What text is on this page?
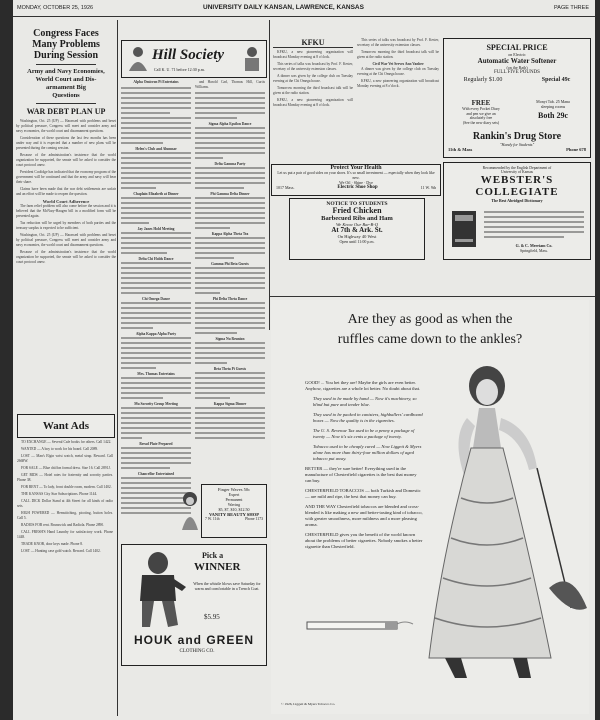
MONDAY, OCTOBER 25, 1926	UNIVERSITY DAILY KANSAN, LAWRENCE, KANSAS	PAGE THREE
Congress Faces
Many Problems
During Session
Army and Navy Economies,
World Court and Dis-
armament Big
Questions
WAR DEBT PLAN UP

Washington, Oct. 25 (UP) — Harassed with problems and beset by political pressure, Congress will meet and consider army and navy economies, the world court and disarmament questions.

Consideration of these questions the last few months has been under way and it is expected that a number of new plans will be presented during the coming session.

Because of the administration's insistence that the world organization be supported, the senate will be asked to consider the court protocol anew.

President Coolidge has indicated that the economy program of the government will be continued and that the army and navy will bear their share.

Claims have been made that the war debt settlements are unfair and an effort will be made to reopen the question.

World Court Adherence

The farm relief problem will also come before the session and it is believed that the McNary-Haugen bill in a modified form will be presented again.

Tax reduction will be urged by members of both parties and the treasury surplus is expected to be sufficient.

Washington, Oct. 25 (UP) — Harassed with problems and beset by political pressure, Congress will meet and consider army and navy economies, the world court and disarmament questions.

Because of the administration's insistence that the world organization be supported, the senate will be asked to consider the court protocol anew.

Want Ads

TO EXCHANGE — Several Cafe books for others. Call 1422.

WANTED — A boy to work for his board. Call 2089.

LOST — Man's Elgin wrist watch, metal strap. Reward. Call 2668W.

FOR SALE — Blue chiffon formal dress. Size 16. Call 2891J.

GET BIDS — Hotel rates for fraternity and sorority parties. Phone 38.

FOR RENT — To lady, front double room, modern. Call 1402.

THE KANSAS City Star Subscriptions. Phone 1144.

CALL DICK Dollar Stand at 4th Street for all kinds of radio sets.

HIGH POWERED — Hemstitching, picoting, button holes. Call 5.

RADIOS FOR rent. Brunswick and Radiola. Phone 2890.

CALL FRESH'S Hand Laundry for satisfactory work. Phone 1448.

TRADE KNOB, door keys made. Phone 8.

LOST — Hunting case gold watch. Reward. Call 1402.

Hill Society
Call K. U. 71 before 12:30 p.m.
Alpha Omicron Pi Entertains
Helen's Club and Alumnae
Chaplain Elizabeth at Dinner
Jay Janes Hold Meeting
Delta Chi Holds Dance
Chi Omega Dance
Alpha Kappa Alpha Party
Mrs. Thomas Entertains
Mu Sorority Group Meeting
Bread Plate Prepared
Chancellor Entertained

and Harold Carl, Thomas Hill, Curtis Williams.

Sigma Alpha Epsilon Dance
Delta Gamma Party
Phi Gamma Delta Dinner
Kappa Alpha Theta Tea
Gamma Phi Beta Guests
Phi Delta Theta Dance
Sigma Nu Reunion
Beta Theta Pi Guests
Kappa Sigma Dinner
Finger Waves 50c
Expert
Permanent
Waving
$5, $7, $10, $12.50
VANITY BEAUTY SHOP
7 W. 11th	Phone 1173
Pick a
WINNER
When the whistle blows save Saturday for warm and comfortable in a Trench Coat.
$5.95
HOUK and GREEN
CLOTHING CO.
KFKU

KFKU, a new pioneering organization will broadcast Monday evening at 8 o'clock.

This series of talks was broadcast by Prof. F. Kester, secretary of the university extension classes.

A dinner was given by the college club on Tuesday evening at the Chi Omega house.

Tomorrow morning the third broadcast talk will be given at the radio station.

KFKU, a new pioneering organization will broadcast Monday evening at 8 o'clock.

This series of talks was broadcast by Prof. F. Kester, secretary of the university extension classes.

Tomorrow morning the third broadcast talk will be given at the radio station.

Civil War Vet Serves Ann Vanbee

A dinner was given by the college club on Tuesday evening at the Chi Omega house.

KFKU, a new pioneering organization will broadcast Monday evening at 8 o'clock.

Protect Your Health
Let us put a pair of good sides on your shoes. It's so small investment — especially when they look like new.
We Oil · Shine · Dye
1017 Mass.	Electric Shoe Shop	11 W. 9th
NOTICE TO STUDENTS
Fried Chicken
Barbecued Ribs and Ham
We Know Our Bar-B-Q
At 7th & Ark. St.
On Highway 40 West
Open until 11:00 p.m.
SPECIAL PRICE
on Electric
Automatic Water Softener
(on the Bath)
FULL FIVE POUNDS
Regularly $1.00	Special 49c
FREE
With every Pocket Diary
and pen we give an
absolutely free
(See the new diary sets)
Monyt Tab. 25 Mana
sleeping rooms
Both 29c
Rankin's Drug Store
"Handy for Students"
11th & Mass	Phone 678
Recommended by the English Department of
University of Kansas
WEBSTER'S
COLLEGIATE
The Best Abridged Dictionary
G. & C. Merriam Co.
Springfield, Mass.
Are they as good as when the
ruffles came down to the ankles?

GOOD! ... You bet they are! Maybe the girls are even better. Anyhow, cigarettes are a whole lot better. No doubt about that.

They used to be made by hand — Now it's machinery, so blind but pure and tender blue.

They used to be packed in canisters, highballers' cardboard boxes — Now the quality is in the cigarettes.

The U. S. Revenue Tax used to be a penny a package of twenty — Now it's six cents a package of twenty.

Tobacco used to be cheaply cured — Now Liggett & Myers alone has more than thirty-four million dollars of aged tobacco put away.

BETTER — they're sure better! Everything used in the manufacture of Chesterfield cigarettes is the best that money can buy.

CHESTERFIELD TOBACCOS — both Turkish and Domestic — are mild and ripe, the best that money can buy.

AND THE WAY Chesterfield tobaccos are blended and cross-blended is like making a new and better-tasting kind of tobacco, with greater smoothness, more mildness and a more pleasing aroma.

CHESTERFIELD gives you the benefit of the world known about the problems of better cigarettes. Nobody smokes a better cigarette than Chesterfield.

© 1926, Liggett & Myers Tobacco Co.
